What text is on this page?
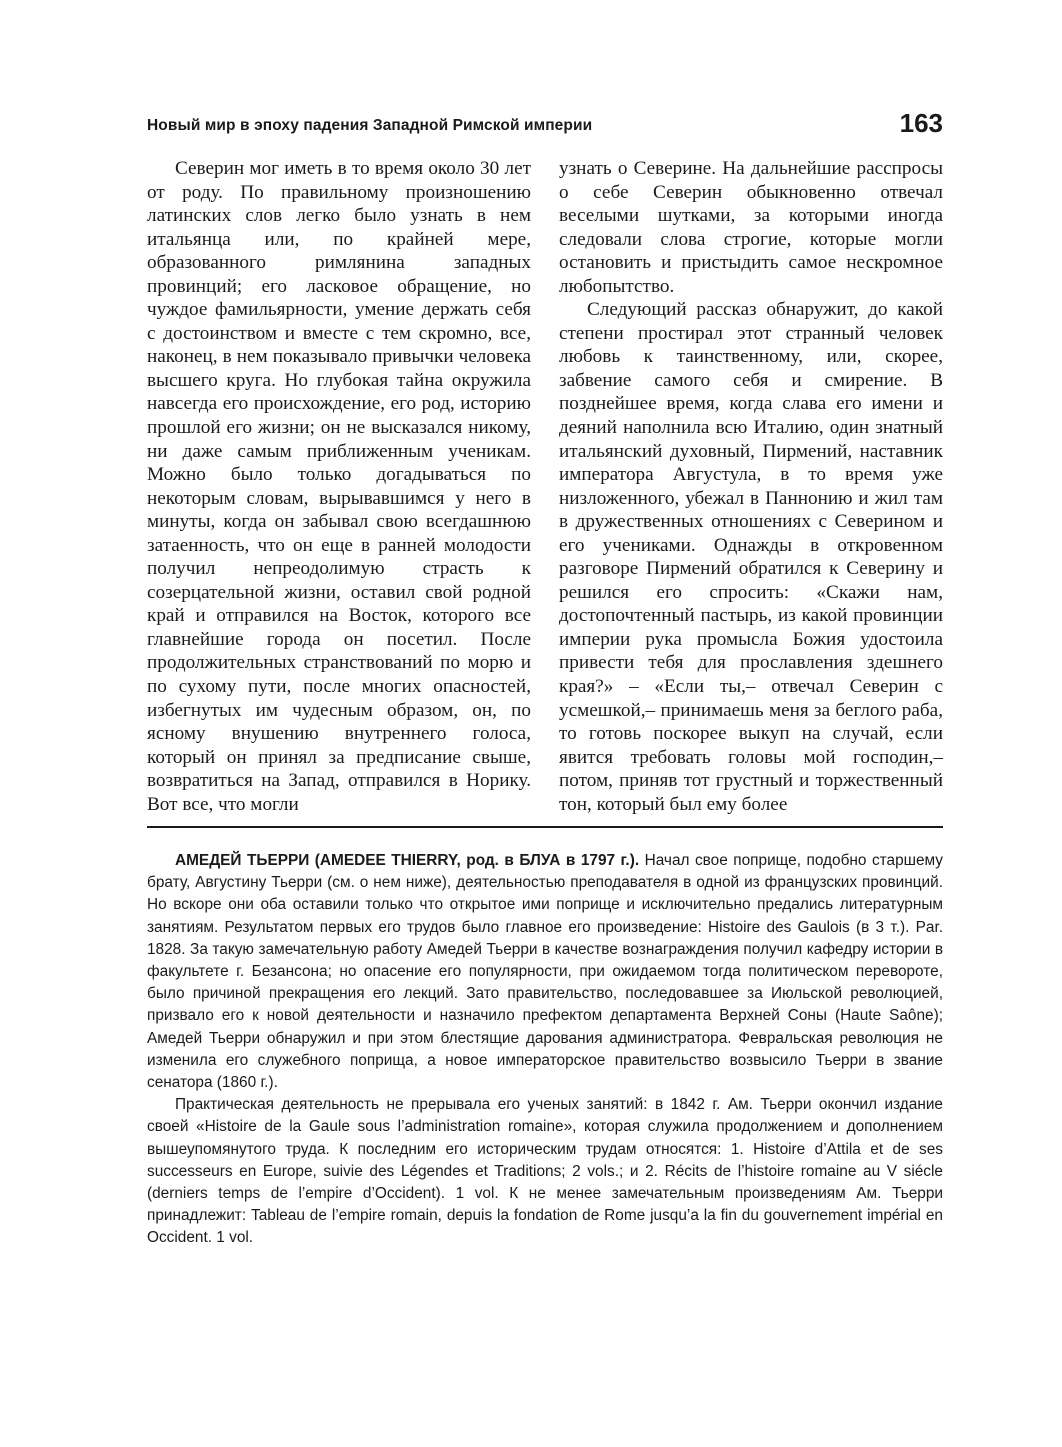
Новый мир в эпоху падения Западной Римской империи	163

Северин мог иметь в то время около 30 лет от роду. По правильному произношению латинских слов легко было узнать в нем итальянца или, по крайней мере, образованного римлянина западных провинций; его ласковое обращение, но чуждое фамильярности, умение держать себя с достоинством и вместе с тем скромно, все, наконец, в нем показывало привычки человека высшего круга. Но глубокая тайна окружила навсегда его происхождение, его род, историю прошлой его жизни; он не высказался никому, ни даже самым приближенным ученикам. Можно было только догадываться по некоторым словам, вырывавшимся у него в минуты, когда он забывал свою всегдашнюю затаенность, что он еще в ранней молодости получил непреодолимую страсть к созерцательной жизни, оставил свой родной край и отправился на Восток, которого все главнейшие города он посетил. После продолжительных странствований по морю и по сухому пути, после многих опасностей, избегнутых им чудесным образом, он, по ясному внушению внутреннего голоса, который он принял за предписание свыше, возвратиться на Запад, отправился в Норику. Вот все, что могли

узнать о Северине. На дальнейшие расспросы о себе Северин обыкновенно отвечал веселыми шутками, за которыми иногда следовали слова строгие, которые могли остановить и пристыдить самое нескромное любопытство.

Следующий рассказ обнаружит, до какой степени простирал этот странный человек любовь к таинственному, или, скорее, забвение самого себя и смирение. В позднейшее время, когда слава его имени и деяний наполнила всю Италию, один знатный итальянский духовный, Пирмений, наставник императора Августула, в то время уже низложенного, убежал в Паннонию и жил там в дружественных отношениях с Северином и его учениками. Однажды в откровенном разговоре Пирмений обратился к Северину и решился его спросить: «Скажи нам, достопочтенный пастырь, из какой провинции империи рука промысла Божия удостоила привести тебя для прославления здешнего края?» – «Если ты,– отвечал Северин с усмешкой,– принимаешь меня за беглого раба, то готовь поскорее выкуп на случай, если явится требовать головы мой господин,– потом, приняв тот грустный и торжественный тон, который был ему более

АМЕДЕЙ ТЬЕРРИ (AMEDEE THIERRY, род. в БЛУА в 1797 г.). Начал свое поприще, подобно старшему брату, Августину Тьерри (см. о нем ниже), деятельностью преподавателя в одной из французских провинций. Но вскоре они оба оставили только что открытое ими поприще и исключительно предались литературным занятиям. Результатом первых его трудов было главное его произведение: Histoire des Gaulois (в 3 т.). Par. 1828. За такую замечательную работу Амедей Тьерри в качестве вознаграждения получил кафедру истории в факультете г. Безансона; но опасение его популярности, при ожидаемом тогда политическом перевороте, было причиной прекращения его лекций. Зато правительство, последовавшее за Июльской революцией, призвало его к новой деятельности и назначило префектом департамента Верхней Соны (Haute Saône); Амедей Тьерри обнаружил и при этом блестящие дарования администратора. Февральская революция не изменила его служебного поприща, а новое императорское правительство возвысило Тьерри в звание сенатора (1860 г.).

Практическая деятельность не прерывала его ученых занятий: в 1842 г. Ам. Тьерри окончил издание своей «Histoire de la Gaule sous l’administration romaine», которая служила продолжением и дополнением вышеупомянутого труда. К последним его историческим трудам относятся: 1. Histoire d’Attila et de ses successeurs en Europe, suivie des Légendes et Traditions; 2 vols.; и 2. Récits de l’histoire romaine au V siécle (derniers temps de l’empire d’Occident). 1 vol. К не менее замечательным произведениям Ам. Тьерри принадлежит: Tableau de l’empire romain, depuis la fondation de Rome jusqu’a la fin du gouvernement impérial en Occident. 1 vol.
